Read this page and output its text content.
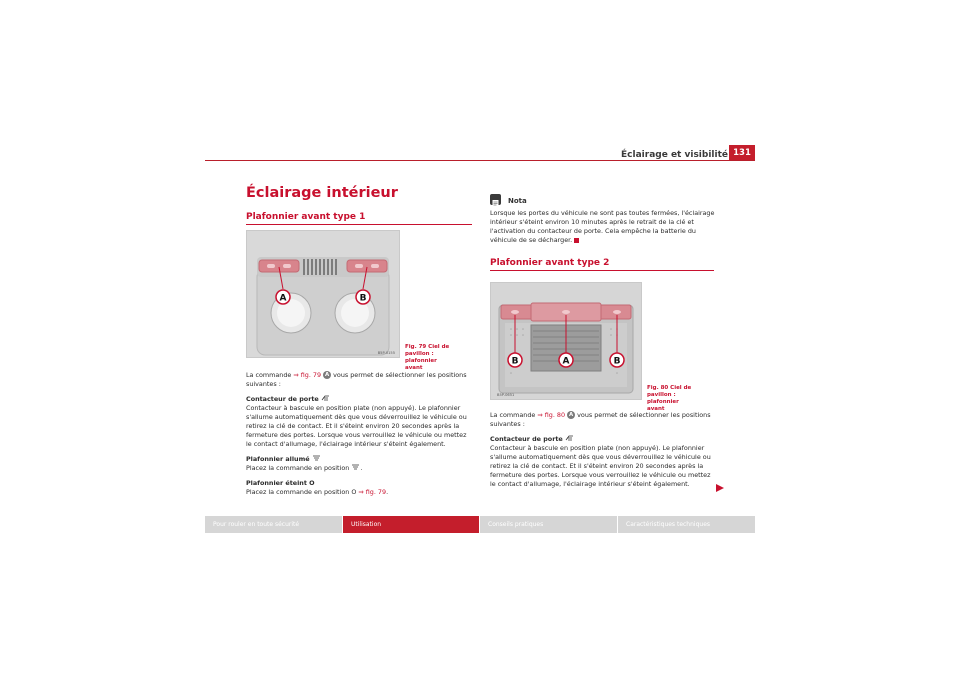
Éclairage et visibilité 131
Éclairage intérieur
Plafonnier avant type 1
A	B
B5P-0155
Fig. 79 Ciel de pavillon :
plafonnier avant

La commande ⇒ fig. 79 A vous permet de sélectionner les positions suivantes :

Contacteur de porte

Contacteur à bascule en position plate (non appuyé). Le plafonnier s'allume automatiquement dès que vous déverrouillez le véhicule ou retirez la clé de contact. Et il s'éteint environ 20 secondes après la fermeture des portes. Lorsque vous verrouillez le véhicule ou mettez le contact d'allumage, l'éclairage intérieur s'éteint également.

Plafonnier allumé

Placez la commande en position .

Plafonnier éteint O

Placez la commande en position O ⇒ fig. 79.

Nota

Lorsque les portes du véhicule ne sont pas toutes fermées, l'éclairage intérieur s'éteint environ 10 minutes après le retrait de la clé et l'activation du contacteur de porte. Cela empêche la batterie du véhicule de se décharger.

Plafonnier avant type 2
B	A	B
B5P-0651
Fig. 80 Ciel de pavillon :
plafonnier avant

La commande ⇒ fig. 80 A vous permet de sélectionner les positions suivantes :

Contacteur de porte

Contacteur à bascule en position plate (non appuyé). Le plafonnier s'allume automatiquement dès que vous déverrouillez le véhicule ou retirez la clé de contact. Et il s'éteint environ 20 secondes après la fermeture des portes. Lorsque vous verrouillez le véhicule ou mettez le contact d'allumage, l'éclairage intérieur s'éteint également.

Pour rouler en toute sécurité	Utilisation	Conseils pratiques	Caractéristiques techniques
